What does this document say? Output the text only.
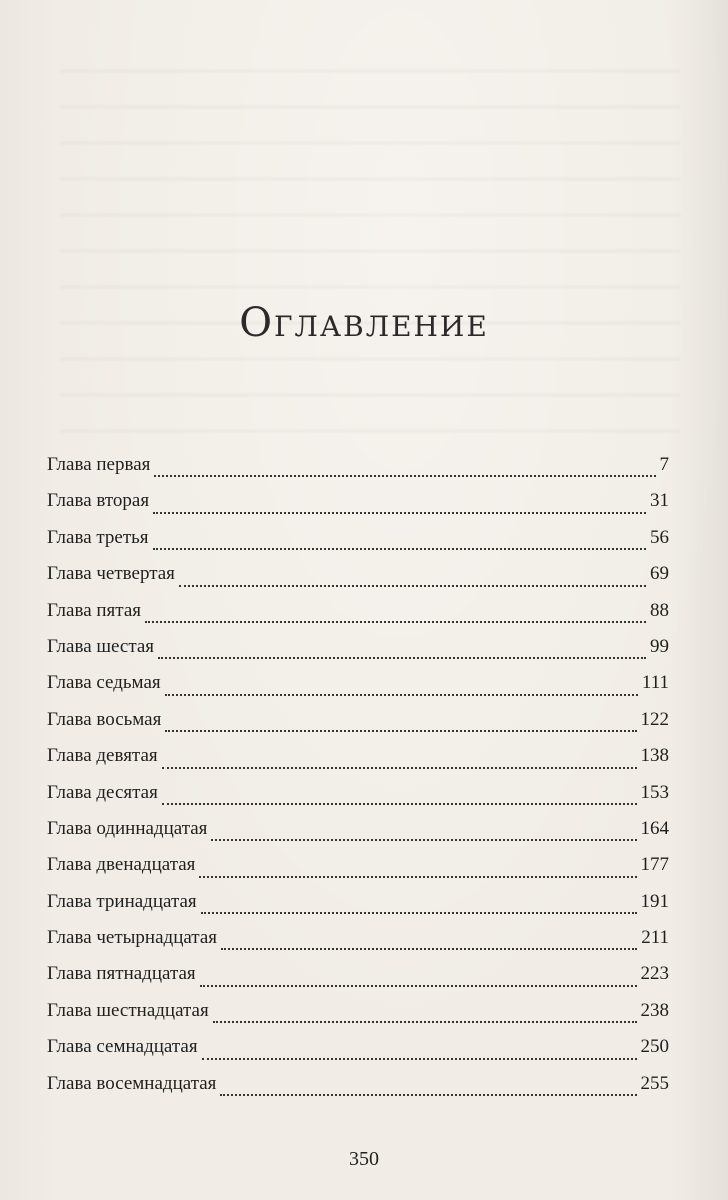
Оглавление
Глава первая	7
Глава вторая	31
Глава третья	56
Глава четвертая	69
Глава пятая	88
Глава шестая	99
Глава седьмая	111
Глава восьмая	122
Глава девятая	138
Глава десятая	153
Глава одиннадцатая	164
Глава двенадцатая	177
Глава тринадцатая	191
Глава четырнадцатая	211
Глава пятнадцатая	223
Глава шестнадцатая	238
Глава семнадцатая	250
Глава восемнадцатая	255
350
